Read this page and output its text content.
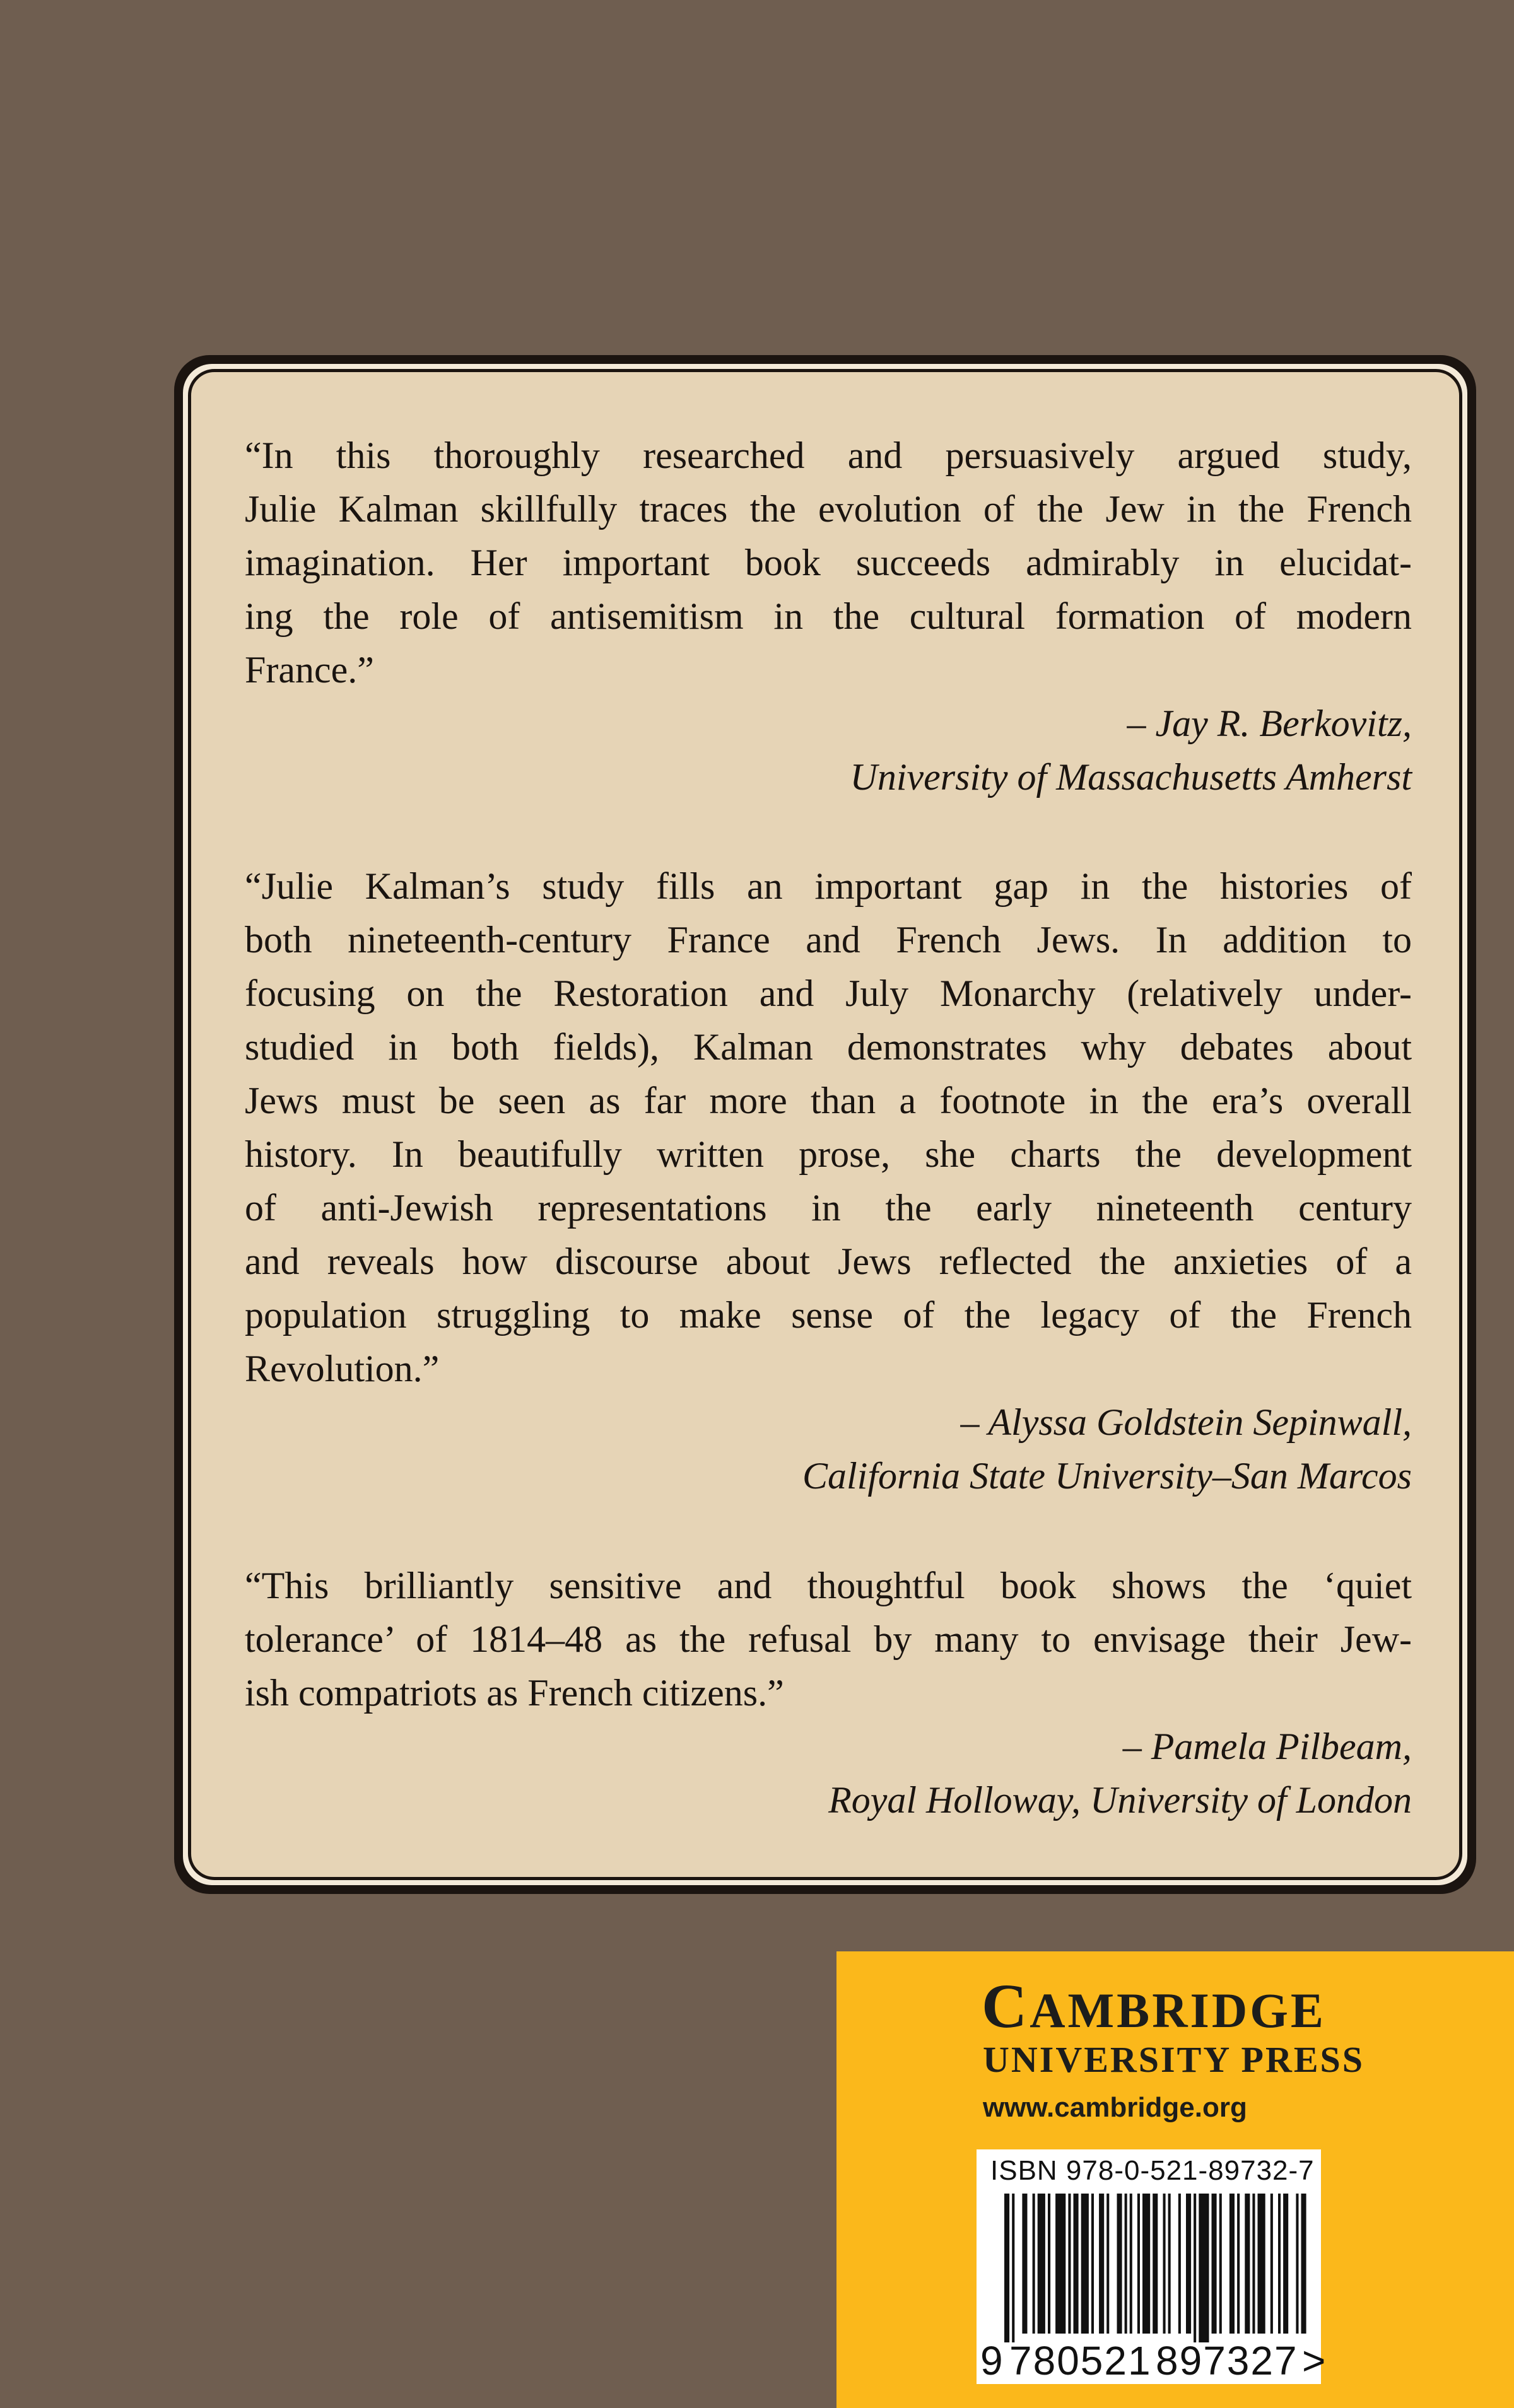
“In this thoroughly researched and persuasively argued study,
Julie Kalman skillfully traces the evolution of the Jew in the French
imagination. Her important book succeeds admirably in elucidat-
ing the role of antisemitism in the cultural formation of modern
France.”

– Jay R. Berkovitz,
University of Massachusetts Amherst

“Julie Kalman’s study fills an important gap in the histories of
both nineteenth-century France and French Jews. In addition to
focusing on the Restoration and July Monarchy (relatively under-
studied in both fields), Kalman demonstrates why debates about
Jews must be seen as far more than a footnote in the era’s overall
history. In beautifully written prose, she charts the development
of anti-Jewish representations in the early nineteenth century
and reveals how discourse about Jews reflected the anxieties of a
population struggling to make sense of the legacy of the French
Revolution.”

– Alyssa Goldstein Sepinwall,
California State University–San Marcos

“This brilliantly sensitive and thoughtful book shows the ‘quiet
tolerance’ of 1814–48 as the refusal by many to envisage their Jew-
ish compatriots as French citizens.”

– Pamela Pilbeam,
Royal Holloway, University of London

CAMBRIDGE
UNIVERSITY PRESS
www.cambridge.org
ISBN 978-0-521-89732-7
9 780521 897327 >
